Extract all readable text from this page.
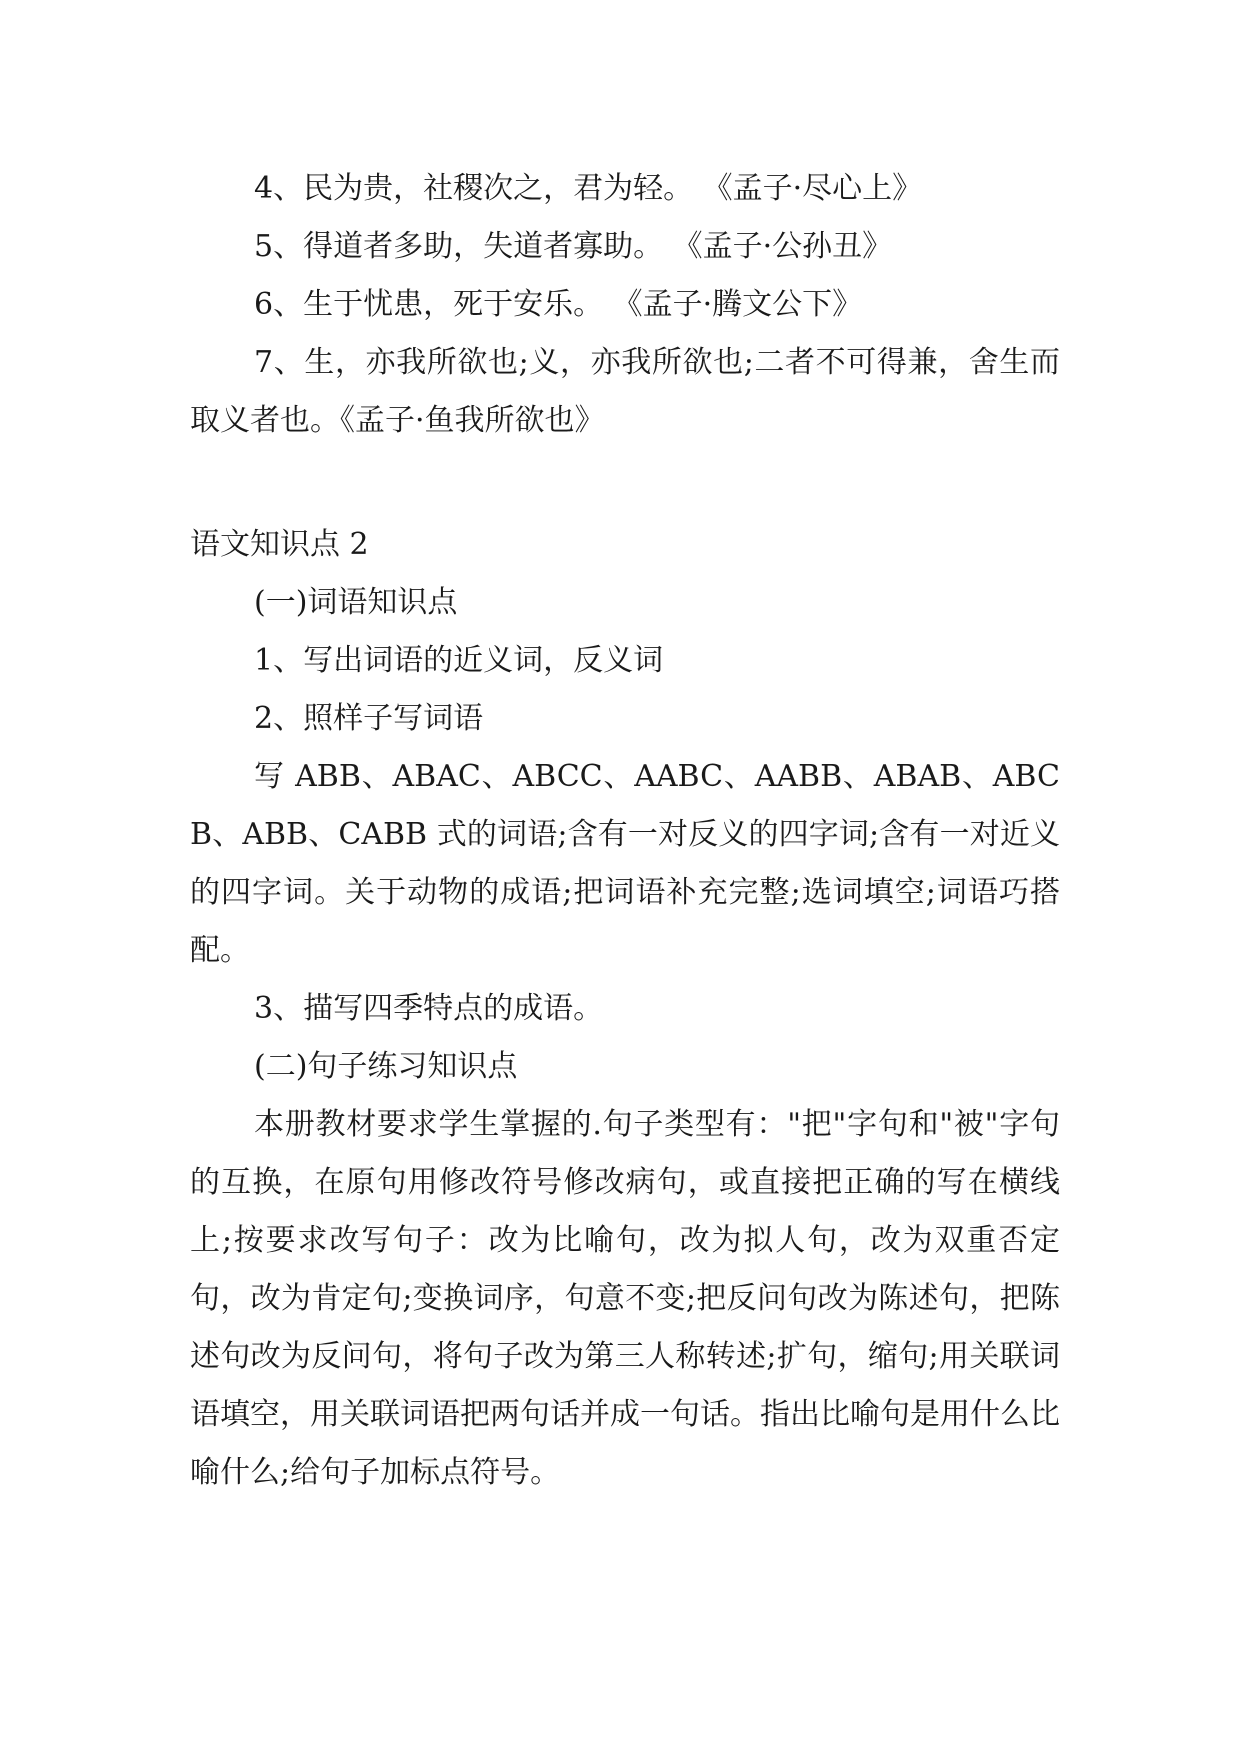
4、民为贵，社稷次之，君为轻。 《孟子·尽心上》

5、得道者多助，失道者寡助。 《孟子·公孙丑》

6、生于忧患，死于安乐。 《孟子·腾文公下》

7、生，亦我所欲也;义，亦我所欲也;二者不可得兼，舍生而取义者也。《孟子·鱼我所欲也》

语文知识点 2

(一)词语知识点

1、写出词语的近义词，反义词

2、照样子写词语

写 ABB、ABAC、ABCC、AABC、AABB、ABAB、ABCB、ABB、CABB 式的词语;含有一对反义的四字词;含有一对近义的四字词。关于动物的成语;把词语补充完整;选词填空;词语巧搭配。

3、描写四季特点的成语。

(二)句子练习知识点

本册教材要求学生掌握的.句子类型有："把"字句和"被"字句的互换，在原句用修改符号修改病句，或直接把正确的写在横线上;按要求改写句子：改为比喻句，改为拟人句，改为双重否定句，改为肯定句;变换词序，句意不变;把反问句改为陈述句，把陈述句改为反问句，将句子改为第三人称转述;扩句，缩句;用关联词语填空，用关联词语把两句话并成一句话。指出比喻句是用什么比喻什么;给句子加标点符号。
